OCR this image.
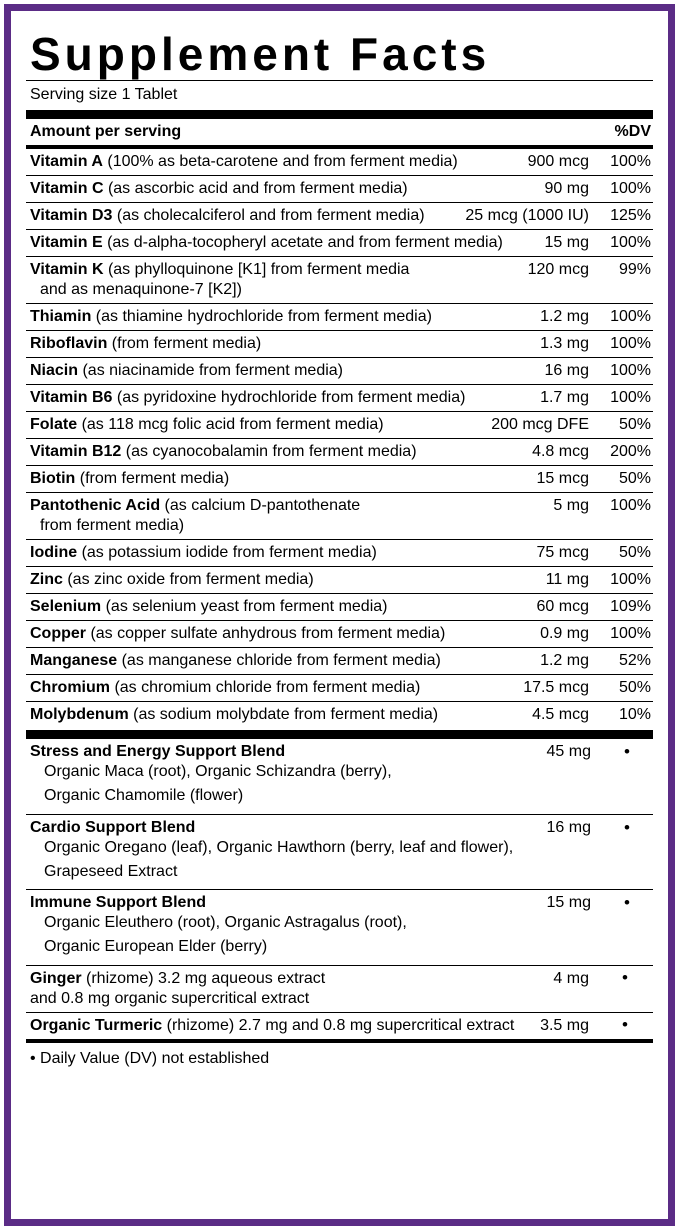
Supplement Facts
Serving size 1 Tablet
Amount per serving	%DV
Vitamin A (100% as beta-carotene and from ferment media)	900 mcg	100%
Vitamin C (as ascorbic acid and from ferment media)	90 mg	100%
Vitamin D3 (as cholecalciferol and from ferment media)	25 mcg (1000 IU)	125%
Vitamin E (as d-alpha-tocopheryl acetate and from ferment media)	15 mg	100%
Vitamin K (as phylloquinone [K1] from ferment media
and as menaquinone-7 [K2])
120 mcg	99%
Thiamin (as thiamine hydrochloride from ferment media)	1.2 mg	100%
Riboflavin (from ferment media)	1.3 mg	100%
Niacin (as niacinamide from ferment media)	16 mg	100%
Vitamin B6 (as pyridoxine hydrochloride from ferment media)	1.7 mg	100%
Folate (as 118 mcg folic acid from ferment media)	200 mcg DFE	50%
Vitamin B12 (as cyanocobalamin from ferment media)	4.8 mcg	200%
Biotin (from ferment media)	15 mcg	50%
Pantothenic Acid (as calcium D-pantothenate
from ferment media)
5 mg	100%
Iodine (as potassium iodide from ferment media)	75 mcg	50%
Zinc (as zinc oxide from ferment media)	11 mg	100%
Selenium (as selenium yeast from ferment media)	60 mcg	109%
Copper (as copper sulfate anhydrous from ferment media)	0.9 mg	100%
Manganese (as manganese chloride from ferment media)	1.2 mg	52%
Chromium (as chromium chloride from ferment media)	17.5 mcg	50%
Molybdenum (as sodium molybdate from ferment media)	4.5 mcg	10%
Stress and Energy Support Blend	45 mg	•
Organic Maca (root), Organic Schizandra (berry),
Organic Chamomile (flower)
Cardio Support Blend	16 mg	•
Organic Oregano (leaf), Organic Hawthorn (berry, leaf and flower),
Grapeseed Extract
Immune Support Blend	15 mg	•
Organic Eleuthero (root), Organic Astragalus (root),
Organic European Elder (berry)
Ginger (rhizome) 3.2 mg aqueous extract
and 0.8 mg organic supercritical extract
4 mg	•
Organic Turmeric (rhizome) 2.7 mg and 0.8 mg supercritical extract	3.5 mg	•
• Daily Value (DV) not established
